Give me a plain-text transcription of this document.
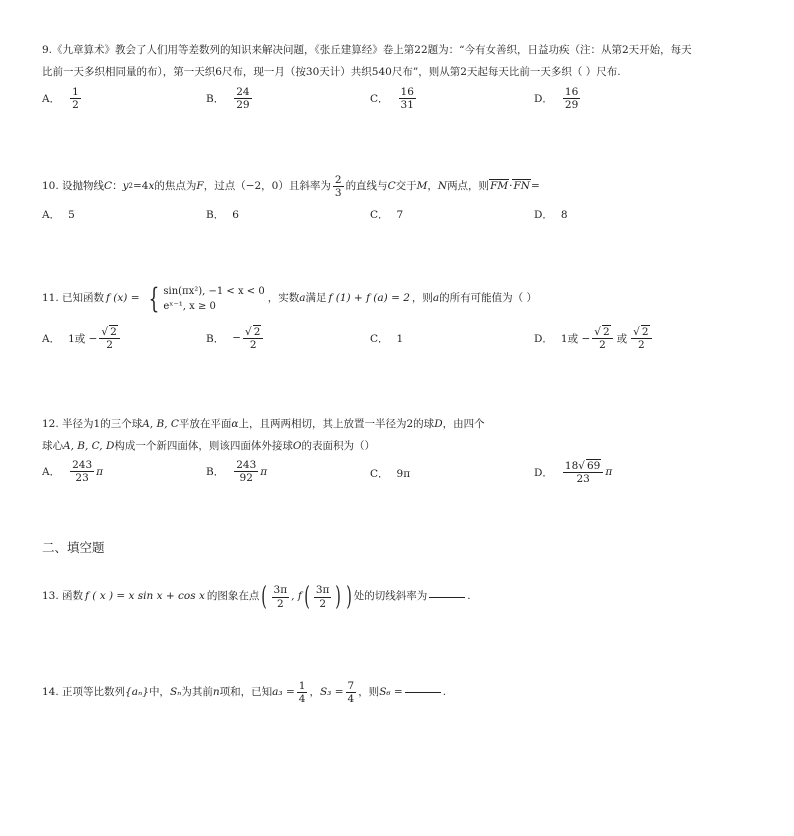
9.《九章算术》教会了人们用等差数列的知识来解决问题，《张丘建算经》卷上第22题为：“今有女善织，日益功疾（注：从第2天开始，每天
比前一天多织相同量的布），第一天织6尺布，现一月（按30天计）共织540尺布”，则从第2天起每天比前一天多织（ ）尺布.
A． $\frac{1}{2}$	B． $\frac{24}{29}$	C． $\frac{16}{31}$	D． $\frac{16}{29}$
10. 设抛物线 C ： y 2 =4 x 的焦点为 F ，过点（−2，0）且斜率为 $\frac{2}{3}$ 的直线与 C 交于 M ， N 两点，则 FM · FN =
A． 5	B． 6	C． 7	D． 8
11. 已知函数 f (x) = { sin(πx²), −1 < x < 0
eˣ⁻¹, x ≥ 0
，实数 a 满足 f (1) + f (a) = 2 ，则 a 的所有可能值为（ ）
A． 1或 − $\frac{√ 2}{2}$	B． − $\frac{√ 2}{2}$	C． 1	D． 1或 − $\frac{√ 2}{2}$ 或 $\frac{√ 2}{2}$
12. 半径为1的三个球A, B, C平放在平面α上，且两两相切，其上放置一半径为2的球D，由四个
球心A, B, C, D构成一个新四面体，则该四面体外接球O的表面积为（）
A． $\frac{243}{23}$ π	B． $\frac{243}{92}$ π	C． 9π	D． $\frac{18√ 69}{23}$ π
二、填空题
13. 函数 f ( x ) = x sin x + cos x 的图象在点 ( $\frac{3\pi}{2}$ , f ( $\frac{3\pi}{2}$ ) ) 处的切线斜率为	.
14. 正项等比数列 {aₙ} 中， Sₙ 为其前 n 项和，已知 $a_3 = \frac{1}{4}$ ， $S_3 = \frac{7}{4}$ ，则 S₆ =	.
